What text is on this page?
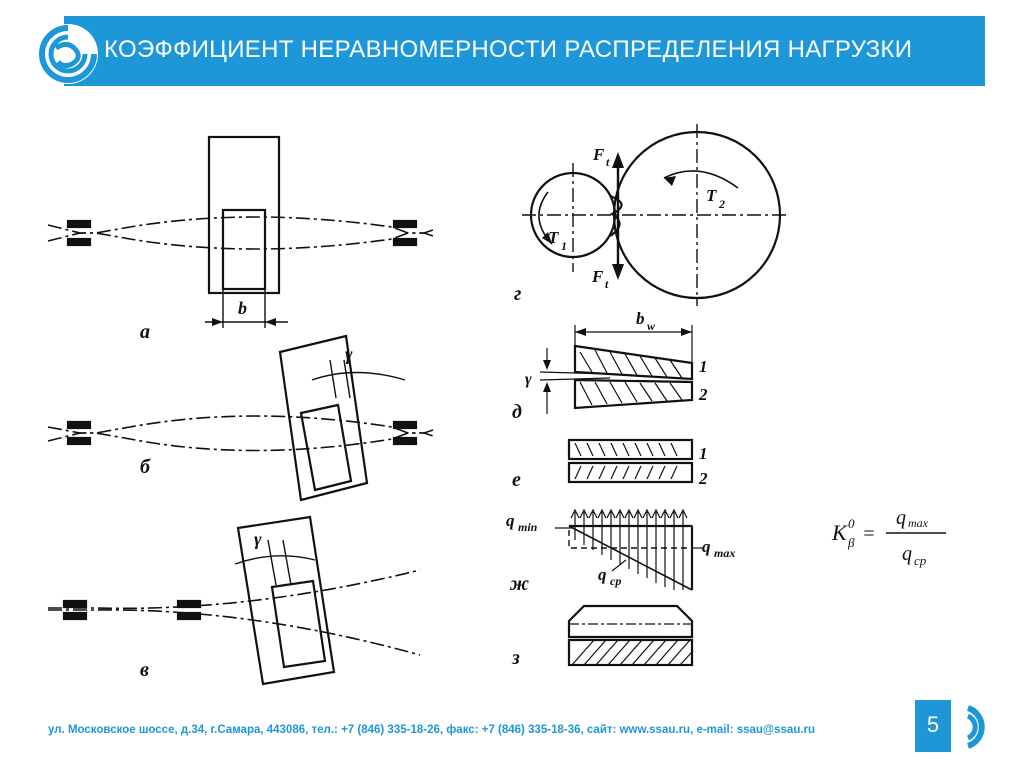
КОЭФФИЦИЕНТ НЕРАВНОМЕРНОСТИ РАСПРЕДЕЛЕНИЯ НАГРУЗКИ
а
b
б
в
γ
γ
γ
г
F t
F t
T 1
T 2
b w
д
1
2
е
1
2
q min
q max
q cp
ж
з
K 0
β =
q max
q ср
ул. Московское шоссе, д.34, г.Самара, 443086, тел.: +7 (846) 335-18-26, факс: +7 (846) 335-18-36, сайт: www.ssau.ru, e-mail: ssau@ssau.ru	5
